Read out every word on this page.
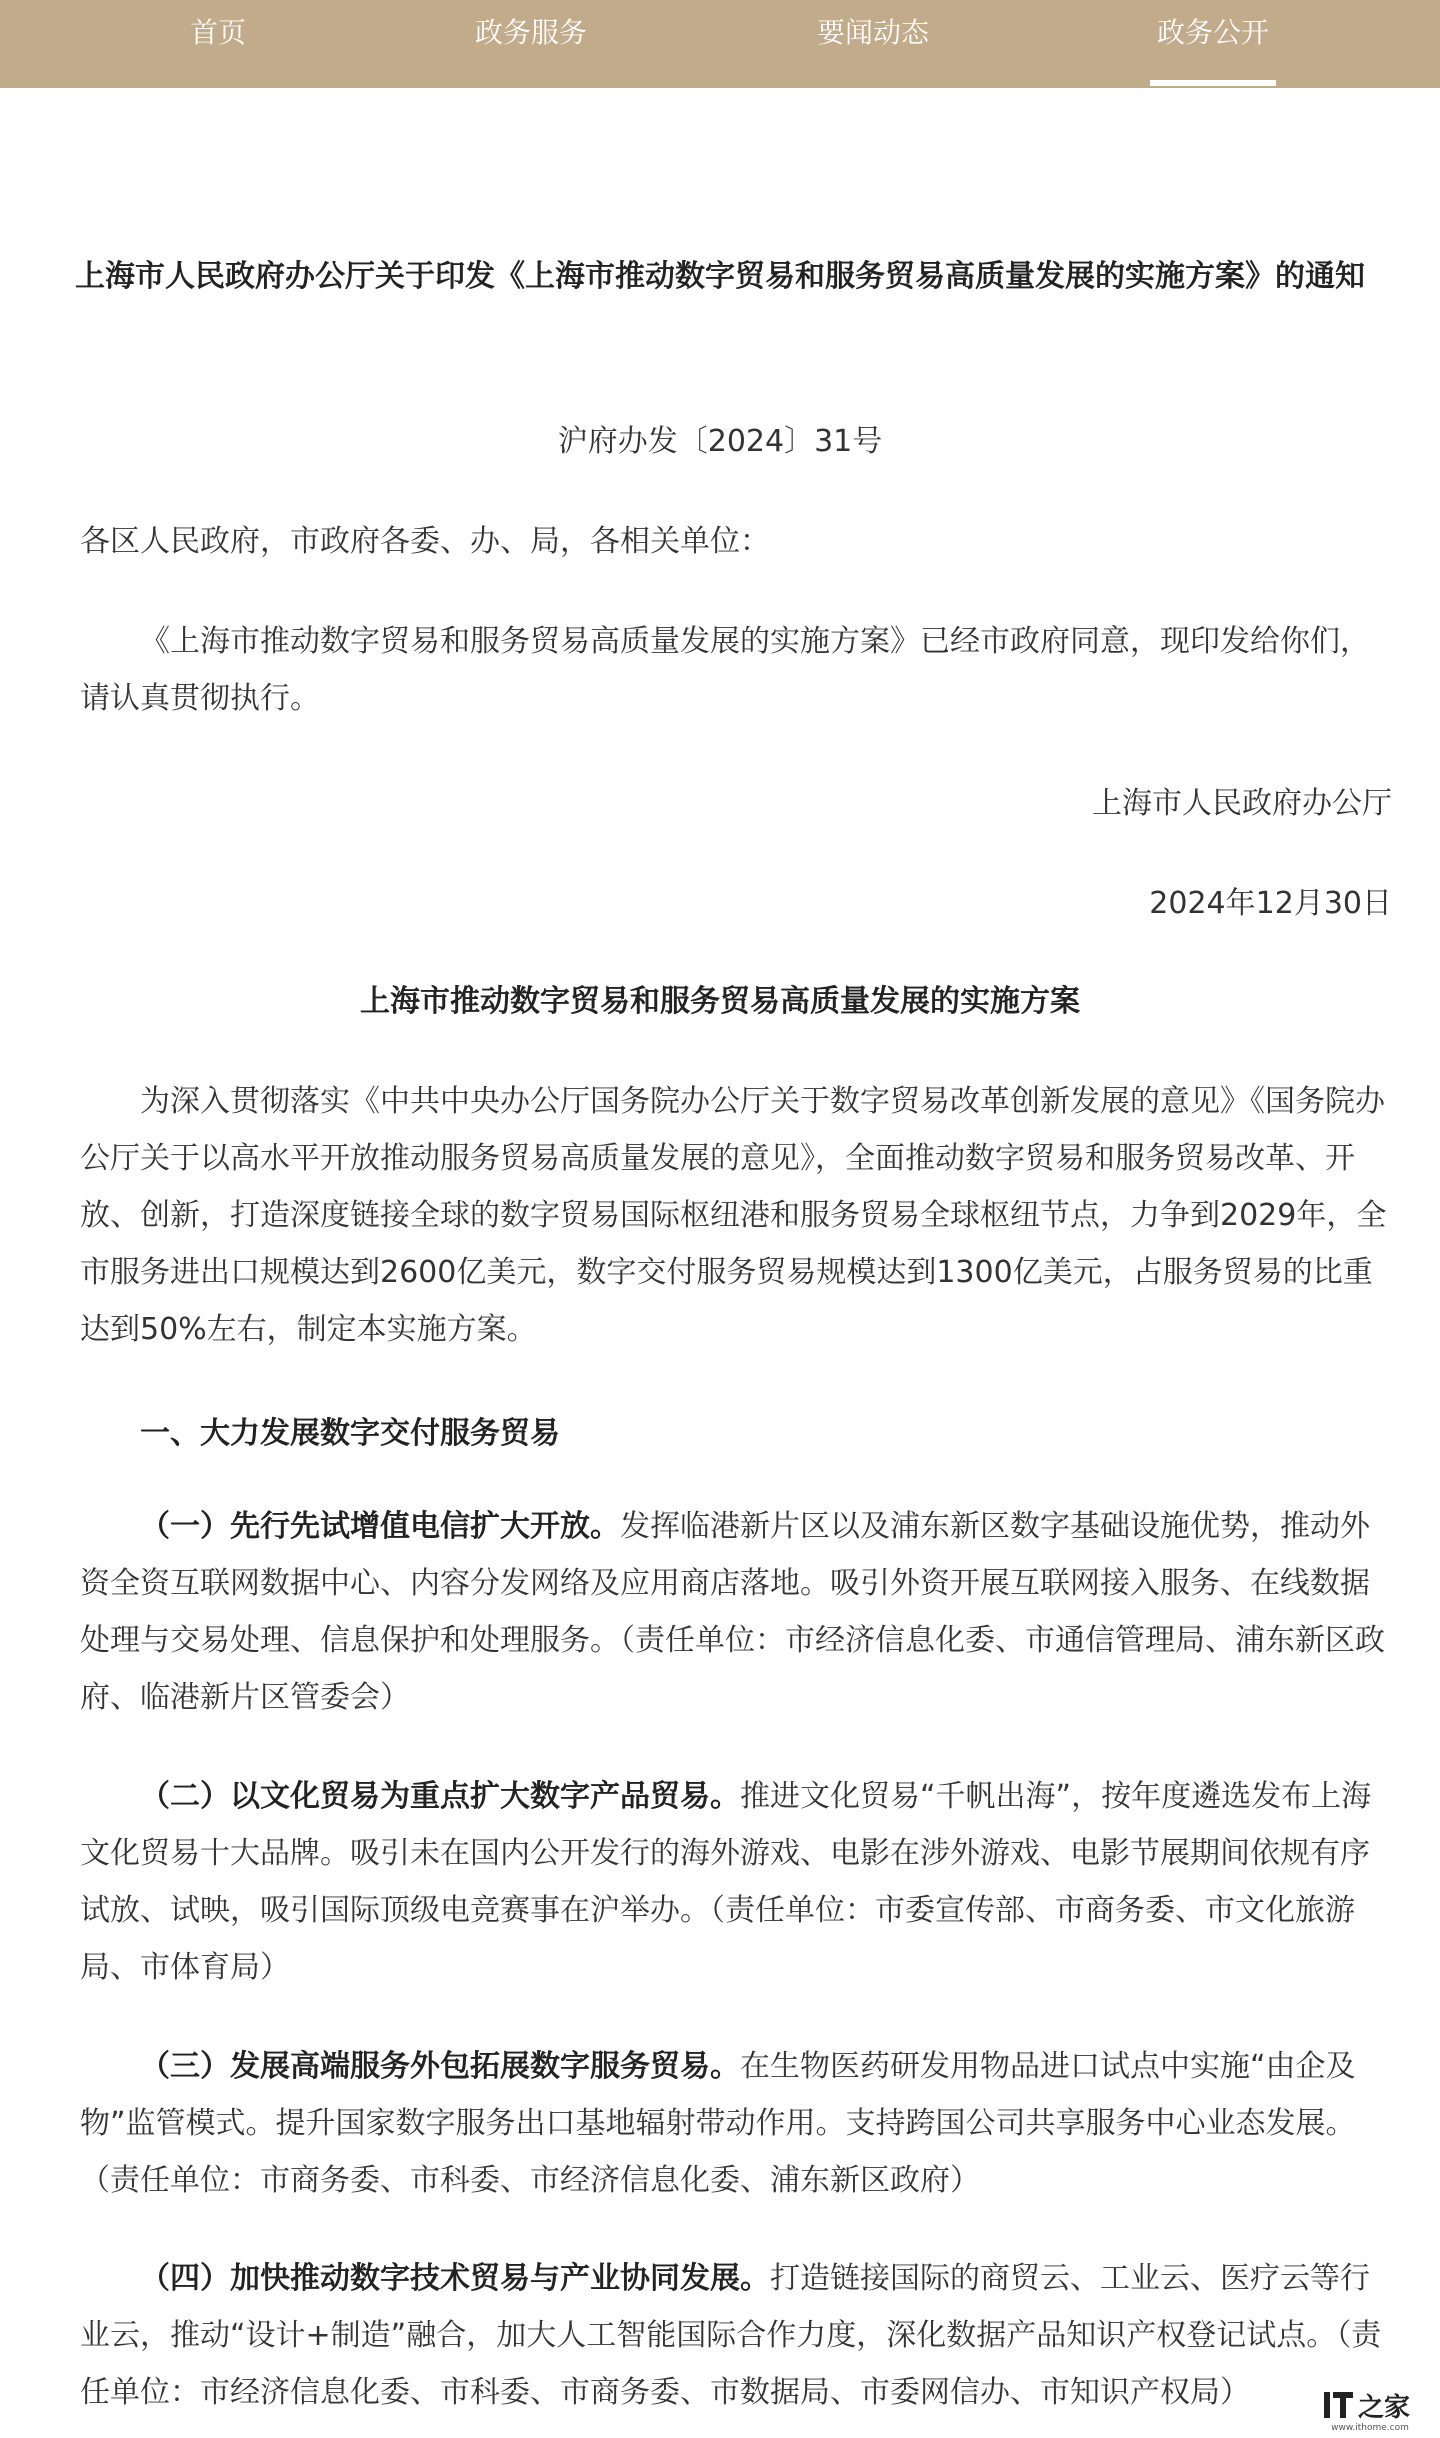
首页	政务服务	要闻动态	政务公开
上海市人民政府办公厅关于印发《上海市推动数字贸易和服务贸易高质量发展的实施方案》的通知
沪府办发〔2024〕31号

各区人民政府，市政府各委、办、局，各相关单位：

《上海市推动数字贸易和服务贸易高质量发展的实施方案》已经市政府同意，现印发给你们，请认真贯彻执行。

上海市人民政府办公厅
2024年12月30日
上海市推动数字贸易和服务贸易高质量发展的实施方案

为深入贯彻落实《中共中央办公厅国务院办公厅关于数字贸易改革创新发展的意见》《国务院办公厅关于以高水平开放推动服务贸易高质量发展的意见》，全面推动数字贸易和服务贸易改革、开放、创新，打造深度链接全球的数字贸易国际枢纽港和服务贸易全球枢纽节点，力争到2029年，全市服务进出口规模达到2600亿美元，数字交付服务贸易规模达到1300亿美元，占服务贸易的比重达到50%左右，制定本实施方案。

一、大力发展数字交付服务贸易

（一）先行先试增值电信扩大开放。发挥临港新片区以及浦东新区数字基础设施优势，推动外资全资互联网数据中心、内容分发网络及应用商店落地。吸引外资开展互联网接入服务、在线数据处理与交易处理、信息保护和处理服务。（责任单位：市经济信息化委、市通信管理局、浦东新区政府、临港新片区管委会）

（二）以文化贸易为重点扩大数字产品贸易。推进文化贸易“千帆出海”，按年度遴选发布上海文化贸易十大品牌。吸引未在国内公开发行的海外游戏、电影在涉外游戏、电影节展期间依规有序试放、试映，吸引国际顶级电竞赛事在沪举办。（责任单位：市委宣传部、市商务委、市文化旅游局、市体育局）

（三）发展高端服务外包拓展数字服务贸易。在生物医药研发用物品进口试点中实施“由企及物”监管模式。提升国家数字服务出口基地辐射带动作用。支持跨国公司共享服务中心业态发展。（责任单位：市商务委、市科委、市经济信息化委、浦东新区政府）

（四）加快推动数字技术贸易与产业协同发展。打造链接国际的商贸云、工业云、医疗云等行业云，推动“设计+制造”融合，加大人工智能国际合作力度，深化数据产品知识产权登记试点。（责任单位：市经济信息化委、市科委、市商务委、市数据局、市委网信办、市知识产权局）	之家
www.ithome.com
